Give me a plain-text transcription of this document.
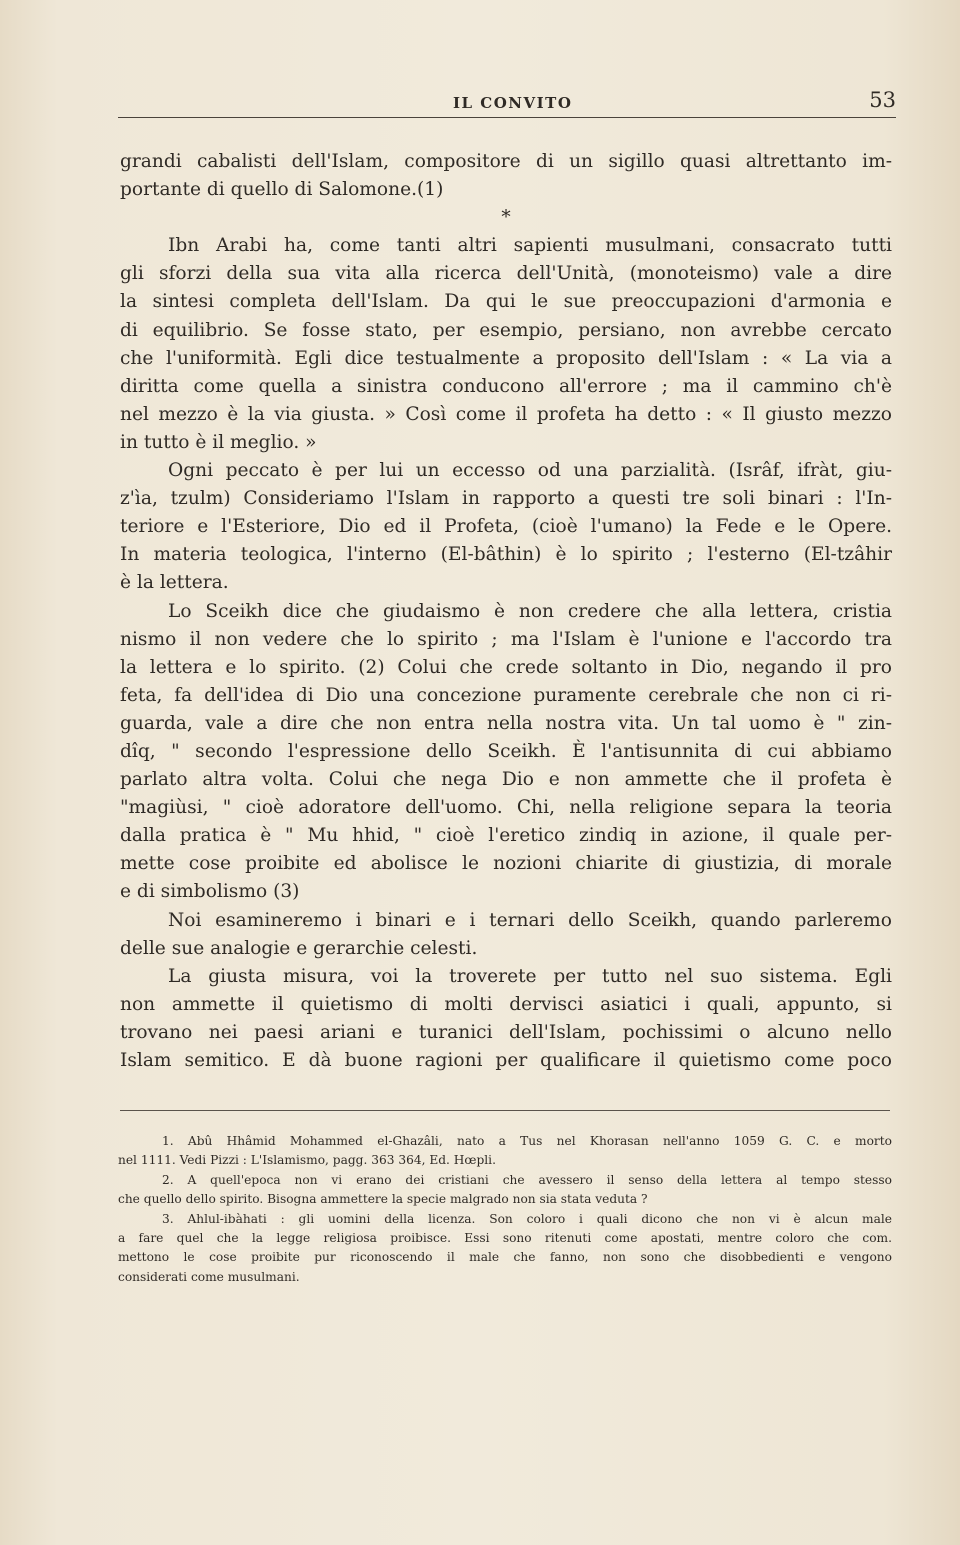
IL CONVITO	53
grandi cabalisti dell'Islam, compositore di un sigillo quasi altrettanto im-
portante di quello di Salomone.(1)
*
Ibn Arabi ha, come tanti altri sapienti musulmani, consacrato tutti
gli sforzi della sua vita alla ricerca dell'Unità, (monoteismo) vale a dire
la sintesi completa dell'Islam. Da qui le sue preoccupazioni d'armonia e
di equilibrio. Se fosse stato, per esempio, persiano, non avrebbe cercato
che l'uniformità. Egli dice testualmente a proposito dell'Islam : « La via a
diritta come quella a sinistra conducono all'errore ; ma il cammino ch'è
nel mezzo è la via giusta. » Così come il profeta ha detto : « Il giusto mezzo
in tutto è il meglio. »
Ogni peccato è per lui un eccesso od una parzialità. (Isrâf, ifràt, giu-
z'ìa, tzulm) Consideriamo l'Islam in rapporto a questi tre soli binari : l'In-
teriore e l'Esteriore, Dio ed il Profeta, (cioè l'umano) la Fede e le Opere.
In materia teologica, l'interno (El-bâthin) è lo spirito ; l'esterno (El-tzâhir
è la lettera.
Lo Sceikh dice che giudaismo è non credere che alla lettera, cristia
nismo il non vedere che lo spirito ; ma l'Islam è l'unione e l'accordo tra
la lettera e lo spirito. (2) Colui che crede soltanto in Dio, negando il pro
feta, fa dell'idea di Dio una concezione puramente cerebrale che non ci ri-
guarda, vale a dire che non entra nella nostra vita. Un tal uomo è " zin-
dîq, " secondo l'espressione dello Sceikh. È l'antisunnita di cui abbiamo
parlato altra volta. Colui che nega Dio e non ammette che il profeta è
"magiùsi, " cioè adoratore dell'uomo. Chi, nella religione separa la teoria
dalla pratica è " Mu hhid, " cioè l'eretico zindiq in azione, il quale per-
mette cose proibite ed abolisce le nozioni chiarite di giustizia, di morale
e di simbolismo (3)
Noi esamineremo i binari e i ternari dello Sceikh, quando parleremo
delle sue analogie e gerarchie celesti.
La giusta misura, voi la troverete per tutto nel suo sistema. Egli
non ammette il quietismo di molti dervisci asiatici i quali, appunto, si
trovano nei paesi ariani e turanici dell'Islam, pochissimi o alcuno nello
Islam semitico. E dà buone ragioni per qualificare il quietismo come poco
1. Abû Hhâmid Mohammed el-Ghazâli, nato a Tus nel Khorasan nell'anno 1059 G. C. e morto
nel 1111. Vedi Pizzi : L'Islamismo, pagg. 363 364, Ed. Hœpli.
2. A quell'epoca non vi erano dei cristiani che avessero il senso della lettera al tempo stesso
che quello dello spirito. Bisogna ammettere la specie malgrado non sia stata veduta ?
3. Ahlul-ibàhati : gli uomini della licenza. Son coloro i quali dicono che non vi è alcun male
a fare quel che la legge religiosa proibisce. Essi sono ritenuti come apostati, mentre coloro che com.
mettono le cose proibite pur riconoscendo il male che fanno, non sono che disobbedienti e vengono
considerati come musulmani.
